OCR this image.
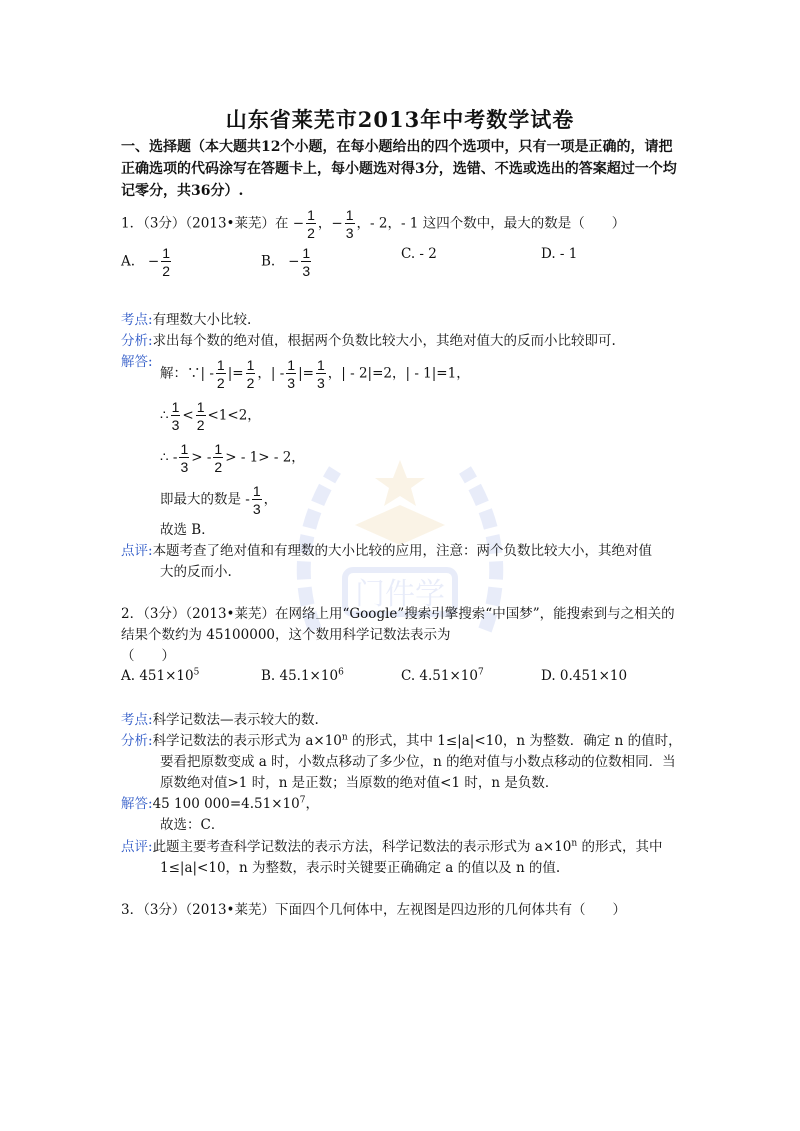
门件学
山东省莱芜市2013年中考数学试卷
一、选择题（本大题共12个小题，在每小题给出的四个选项中，只有一项是正确的，请把正确选项的代码涂写在答题卡上，每小题选对得3分，选错、不选或选出的答案超过一个均记零分，共36分）.
1．（3分）（2013•莱芜）在 − $\frac{1}{2}$ ，− $\frac{1}{3}$ ，- 2，- 1 这四个数中，最大的数是（　　）
A. − $\frac{1}{2}$	B. − $\frac{1}{3}$	C. - 2	D. - 1
考点:有理数大小比较.
分析:求出每个数的绝对值，根据两个负数比较大小，其绝对值大的反而小比较即可.
解答:
解：∵| - $\frac{1}{2}$ |= $\frac{1}{2}$ ，| - $\frac{1}{3}$ |= $\frac{1}{3}$ ，| - 2|=2，| - 1|=1，
∴ $\frac{1}{3} < \frac{1}{2} <1<2$，
∴ - $\frac{1}{3}$ > - $\frac{1}{2}$ > - 1> - 2，
即最大的数是 - $\frac{1}{3}$ ，
故选 B．
点评:本题考查了绝对值和有理数的大小比较的应用，注意：两个负数比较大小，其绝对值
大的反而小.
2．（3分）（2013•莱芜）在网络上用“Google”搜索引擎搜索“中国梦”，能搜索到与之相关的
结果个数约为 45100000，这个数用科学记数法表示为
（　　）
A. $451\times 10^5$	B. $45.1\times 10^6$	C. $4.51\times 10^7$	D. 0.451×10
考点:科学记数法—表示较大的数.
分析:科学记数法的表示形式为 $a\times 10^n$ 的形式，其中 1≤|a|<10，n 为整数．确定 n 的值时，
要看把原数变成 a 时，小数点移动了多少位，n 的绝对值与小数点移动的位数相同．当
原数绝对值>1 时，n 是正数；当原数的绝对值<1 时，n 是负数．
解答:45 100 $000=4.51\times 10^7$，
故选：C．
点评:此题主要考查科学记数法的表示方法，科学记数法的表示形式为 $a\times 10^n$ 的形式，其中
1≤|a|<10，n 为整数，表示时关键要正确确定 a 的值以及 n 的值.
3．（3分）（2013•莱芜）下面四个几何体中，左视图是四边形的几何体共有（　　）
